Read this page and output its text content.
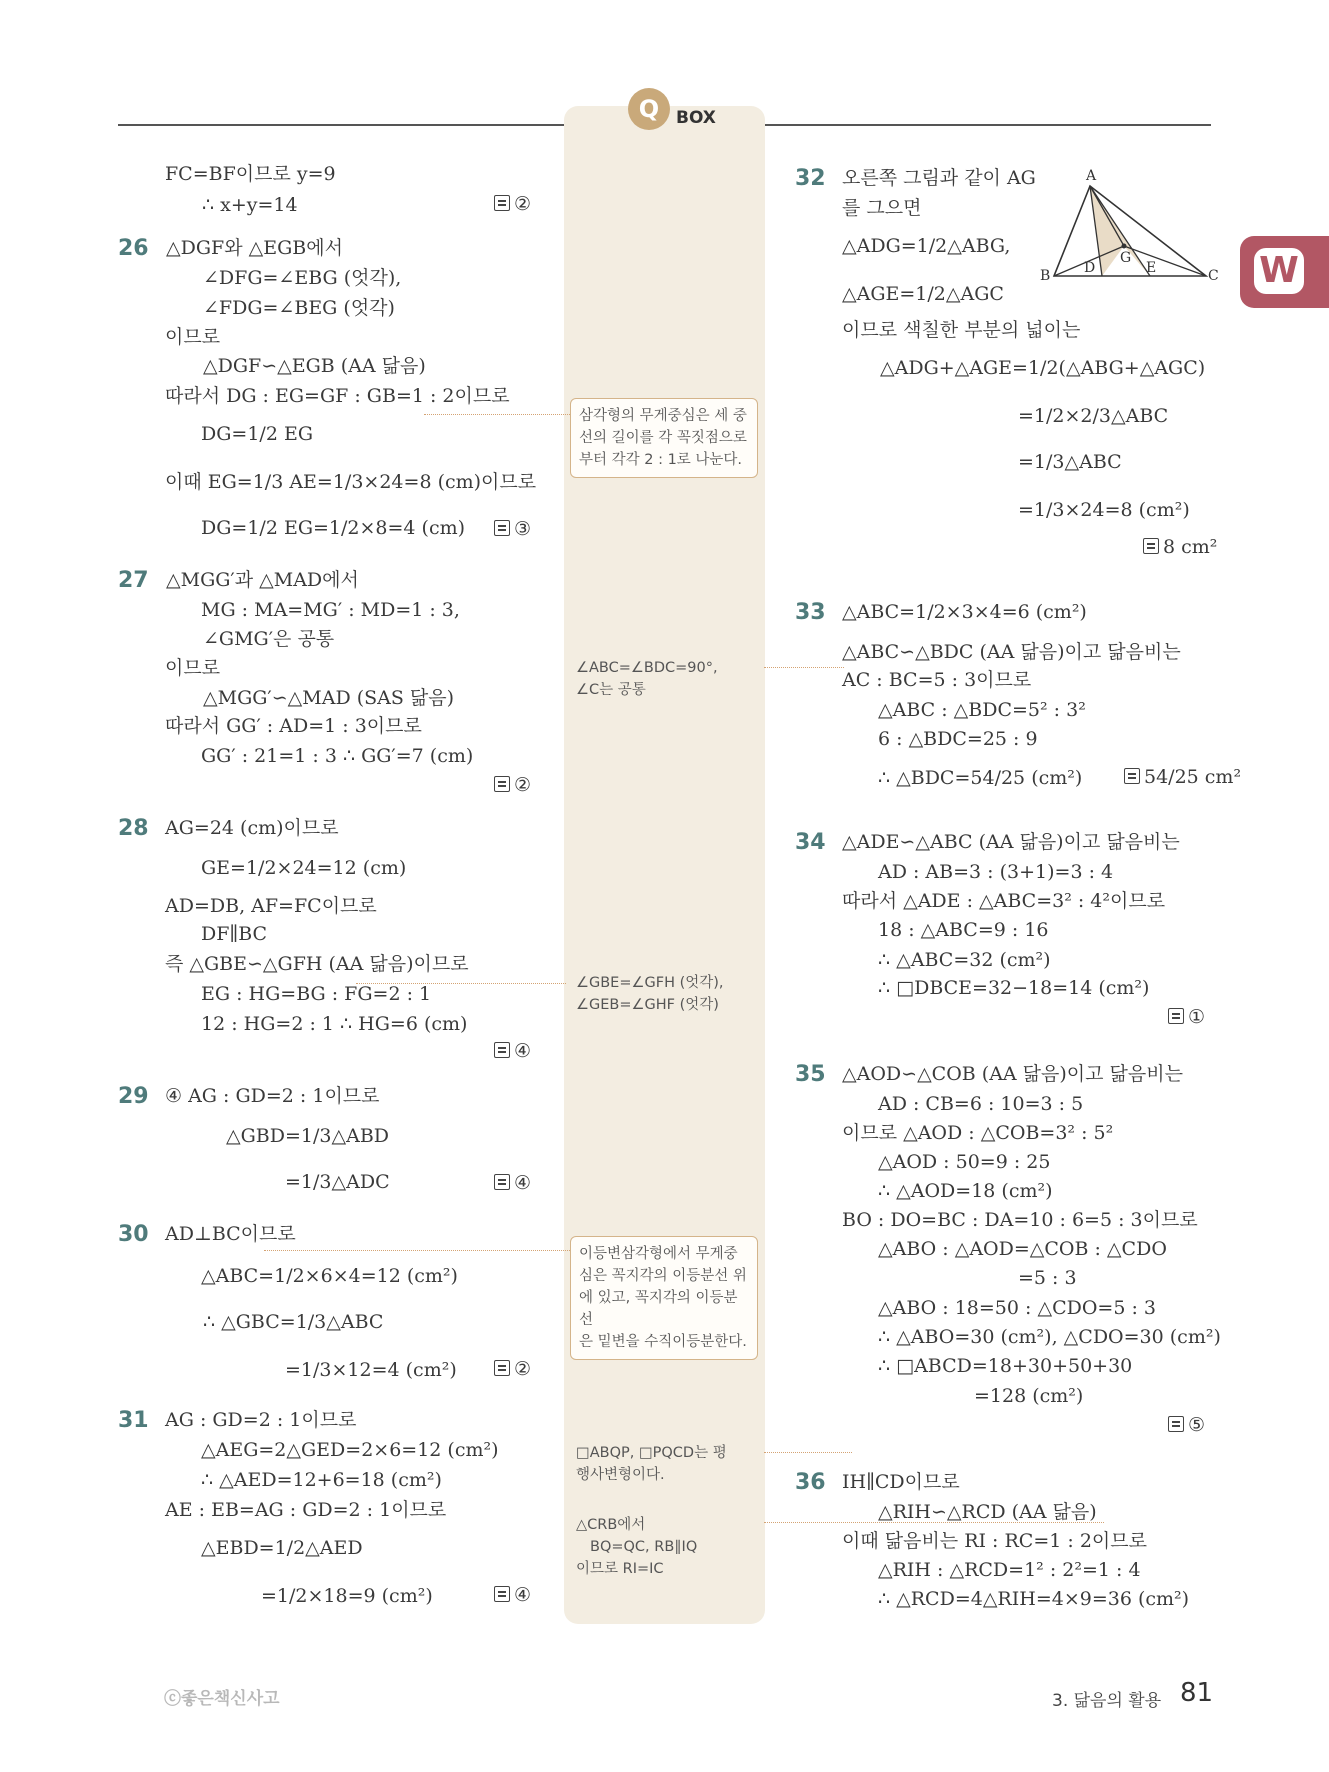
Q BOX
W
FC=BF이므로 y=9
∴ x+y=14	②
26 △DGF와 △EGB에서
∠DFG=∠EBG (엇각),
∠FDG=∠BEG (엇각)
이므로
△DGF∽△EGB (AA 닮음)
따라서 DG : EG=GF : GB=1 : 2이므로
DG=1/2 EG
이때 EG=1/3 AE=1/3×24=8 (cm)이므로
DG=1/2 EG=1/2×8=4 (cm)	③
27 △MGG′과 △MAD에서
MG : MA=MG′ : MD=1 : 3,
∠GMG′은 공통
이므로
△MGG′∽△MAD (SAS 닮음)
따라서 GG′ : AD=1 : 3이므로
GG′ : 21=1 : 3 ∴ GG′=7 (cm)
②
28 AG=24 (cm)이므로
GE=1/2×24=12 (cm)
AD=DB, AF=FC이므로
DF∥BC
즉 △GBE∽△GFH (AA 닮음)이므로
EG : HG=BG : FG=2 : 1
12 : HG=2 : 1 ∴ HG=6 (cm)
④
29 ④ AG : GD=2 : 1이므로
△GBD=1/3△ABD
=1/3△ADC	④
30 AD⊥BC이므로
△ABC=1/2×6×4=12 (cm²)
∴ △GBC=1/3△ABC
=1/3×12=4 (cm²)	②
31 AG : GD=2 : 1이므로
△AEG=2△GED=2×6=12 (cm²)
∴ △AED=12+6=18 (cm²)
AE : EB=AG : GD=2 : 1이므로
△EBD=1/2△AED
=1/2×18=9 (cm²)	④
삼각형의 무게중심은 세 중
선의 길이를 각 꼭짓점으로
부터 각각 2 : 1로 나눈다.
∠ABC=∠BDC=90°,
∠C는 공통
∠GBE=∠GFH (엇각),
∠GEB=∠GHF (엇각)
이등변삼각형에서 무게중
심은 꼭지각의 이등분선 위
에 있고, 꼭지각의 이등분선
은 밑변을 수직이등분한다.
□ABQP, □PQCD는 평
행사변형이다.
△CRB에서
BQ=QC, RB∥IQ
이므로 RI=IC
32 오른쪽 그림과 같이 AG
를 그으면
△ADG=1/2△ABG,
△AGE=1/2△AGC
이므로 색칠한 부분의 넓이는
△ADG+△AGE=1/2(△ABG+△AGC)
=1/2×2/3△ABC
=1/3△ABC
=1/3×24=8 (cm²)
8 cm²
A
B	C
D
G
E
33 △ABC=1/2×3×4=6 (cm²)
△ABC∽△BDC (AA 닮음)이고 닮음비는
AC : BC=5 : 3이므로
△ABC : △BDC=5² : 3²
6 : △BDC=25 : 9
∴ △BDC=54/25 (cm²)	54/25 cm²
34 △ADE∽△ABC (AA 닮음)이고 닮음비는
AD : AB=3 : (3+1)=3 : 4
따라서 △ADE : △ABC=3² : 4²이므로
18 : △ABC=9 : 16
∴ △ABC=32 (cm²)
∴ □DBCE=32−18=14 (cm²)
①
35 △AOD∽△COB (AA 닮음)이고 닮음비는
AD : CB=6 : 10=3 : 5
이므로 △AOD : △COB=3² : 5²
△AOD : 50=9 : 25
∴ △AOD=18 (cm²)
BO : DO=BC : DA=10 : 6=5 : 3이므로
△ABO : △AOD=△COB : △CDO
=5 : 3
△ABO : 18=50 : △CDO=5 : 3
∴ △ABO=30 (cm²), △CDO=30 (cm²)
∴ □ABCD=18+30+50+30
=128 (cm²)
⑤
36 IH∥CD이므로
△RIH∽△RCD (AA 닮음)
이때 닮음비는 RI : RC=1 : 2이므로
△RIH : △RCD=1² : 2²=1 : 4
∴ △RCD=4△RIH=4×9=36 (cm²)
ⓒ좋은책신사고	3. 닮음의 활용 81
